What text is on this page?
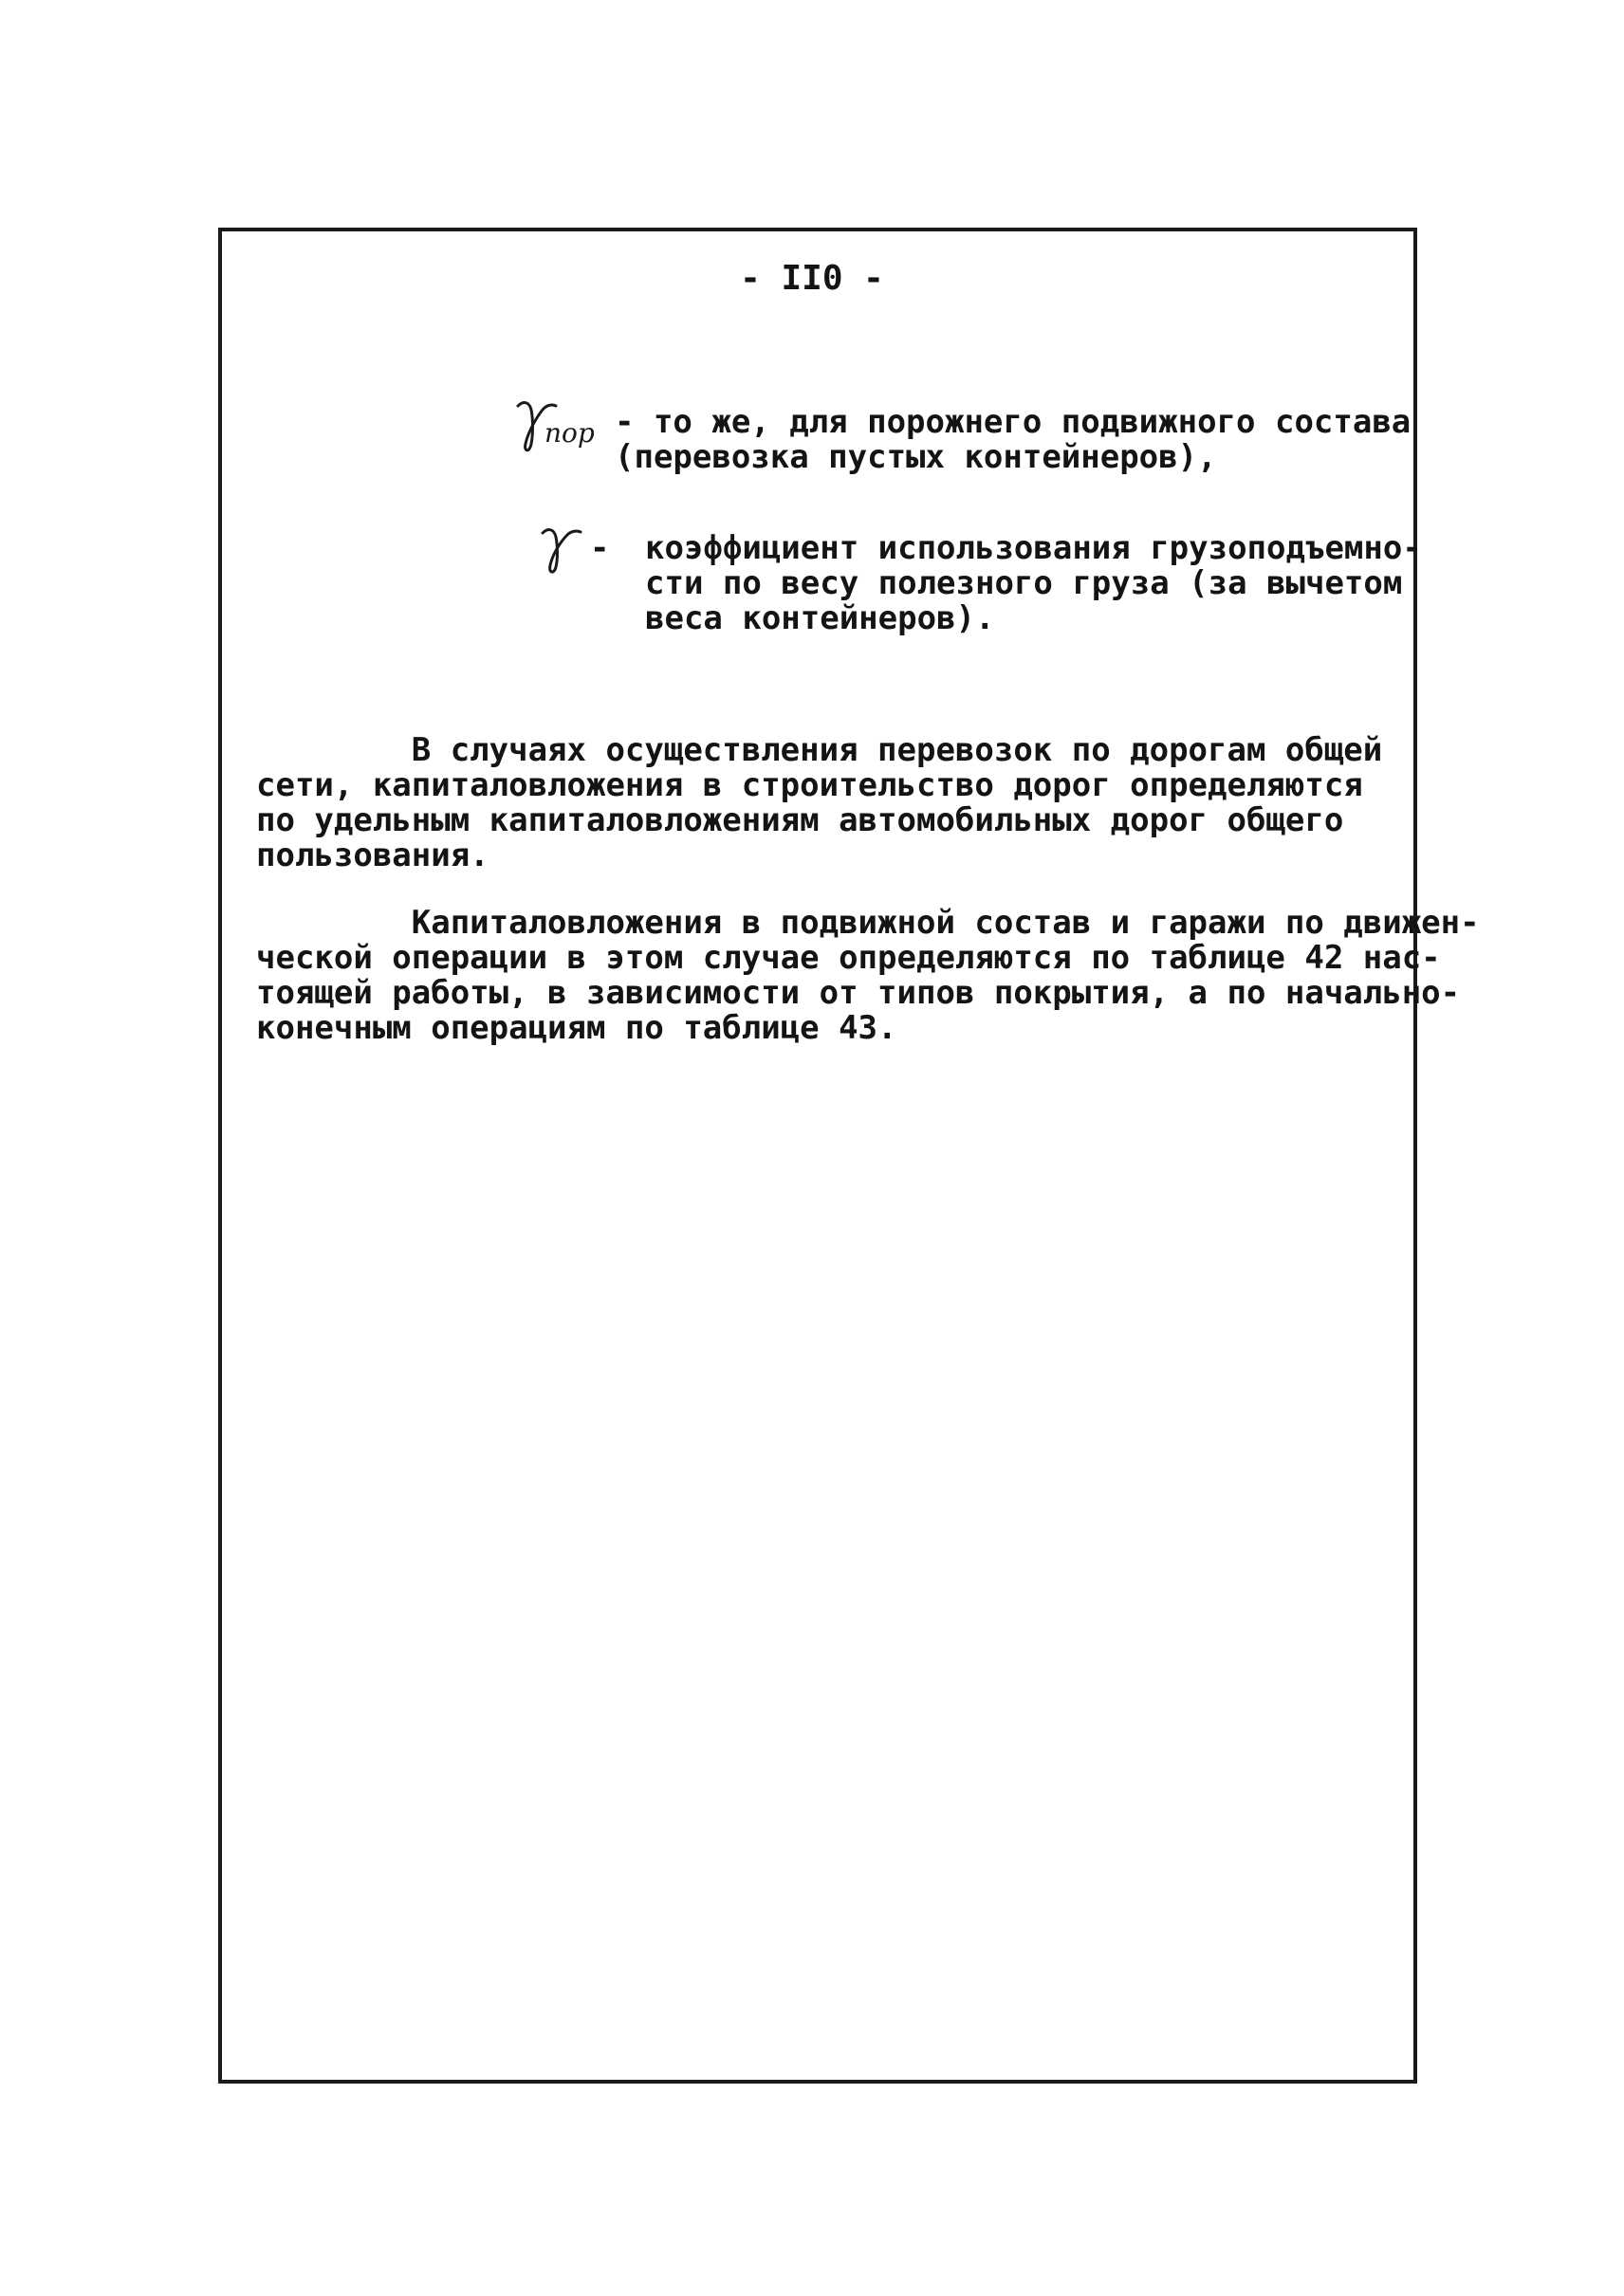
- II0 -
пор - то же, для порожнего подвижного состава
(перевозка пустых контейнеров),
- коэффициент использования грузоподъемно-
сти по весу полезного груза (за вычетом
веса контейнеров).
В случаях осуществления перевозок по дорогам общей
сети, капиталовложения в строительство дорог определяются
по удельным капиталовложениям автомобильных дорог общего
пользования.
Капиталовложения в подвижной состав и гаражи по движен-
ческой операции в этом случае определяются по таблице 42 нас-
тоящей работы, в зависимости от типов покрытия, а по начально-
конечным операциям по таблице 43.
